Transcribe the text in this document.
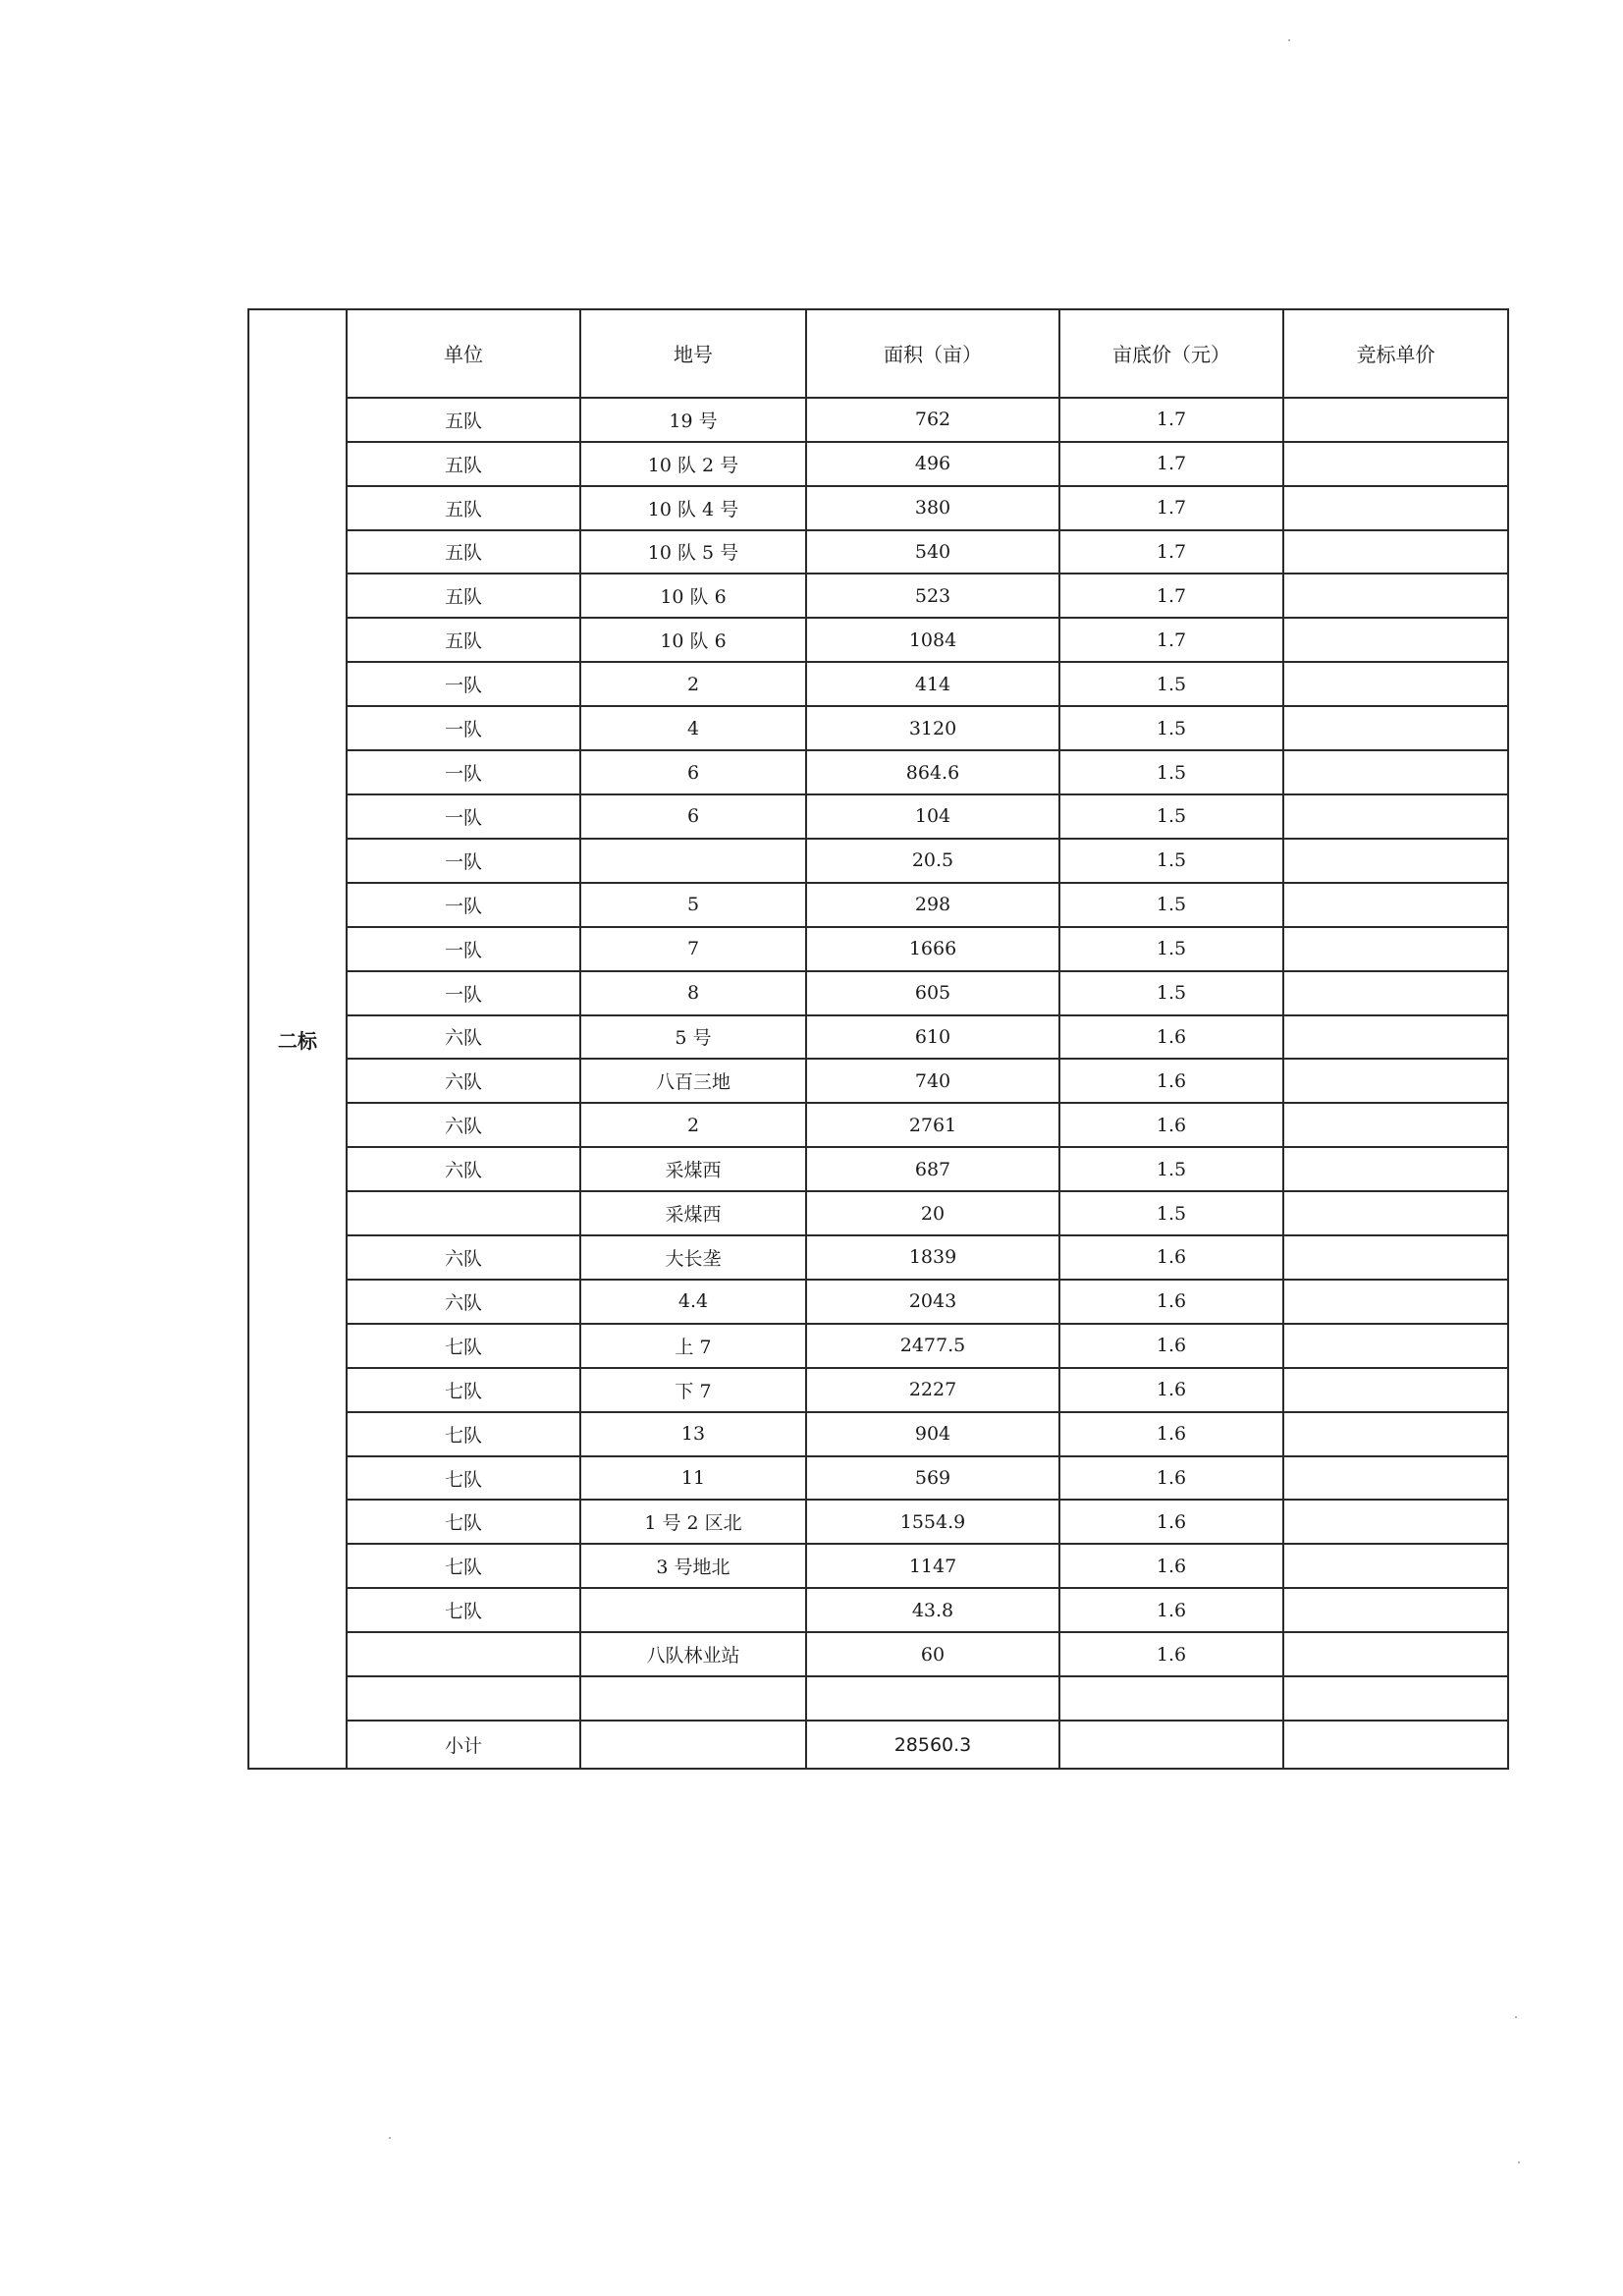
二标	单位	地号	面积（亩）	亩底价（元）	竞标单价
	五队	19 号	762	1.7	
	五队	10 队 2 号	496	1.7	
	五队	10 队 4 号	380	1.7	
	五队	10 队 5 号	540	1.7	
	五队	10 队 6	523	1.7	
	五队	10 队 6	1084	1.7	
	一队	2	414	1.5	
	一队	4	3120	1.5	
	一队	6	864.6	1.5	
	一队	6	104	1.5	
	一队		20.5	1.5	
	一队	5	298	1.5	
	一队	7	1666	1.5	
	一队	8	605	1.5	
	六队	5 号	610	1.6	
	六队	八百三地	740	1.6	
	六队	2	2761	1.6	
	六队	采煤西	687	1.5	
		采煤西	20	1.5	
	六队	大长垄	1839	1.6	
	六队	4.4	2043	1.6	
	七队	上 7	2477.5	1.6	
	七队	下 7	2227	1.6	
	七队	13	904	1.6	
	七队	11	569	1.6	
	七队	1 号 2 区北	1554.9	1.6	
	七队	3 号地北	1147	1.6	
	七队		43.8	1.6	
		八队林业站	60	1.6	

	小计		28560.3		
